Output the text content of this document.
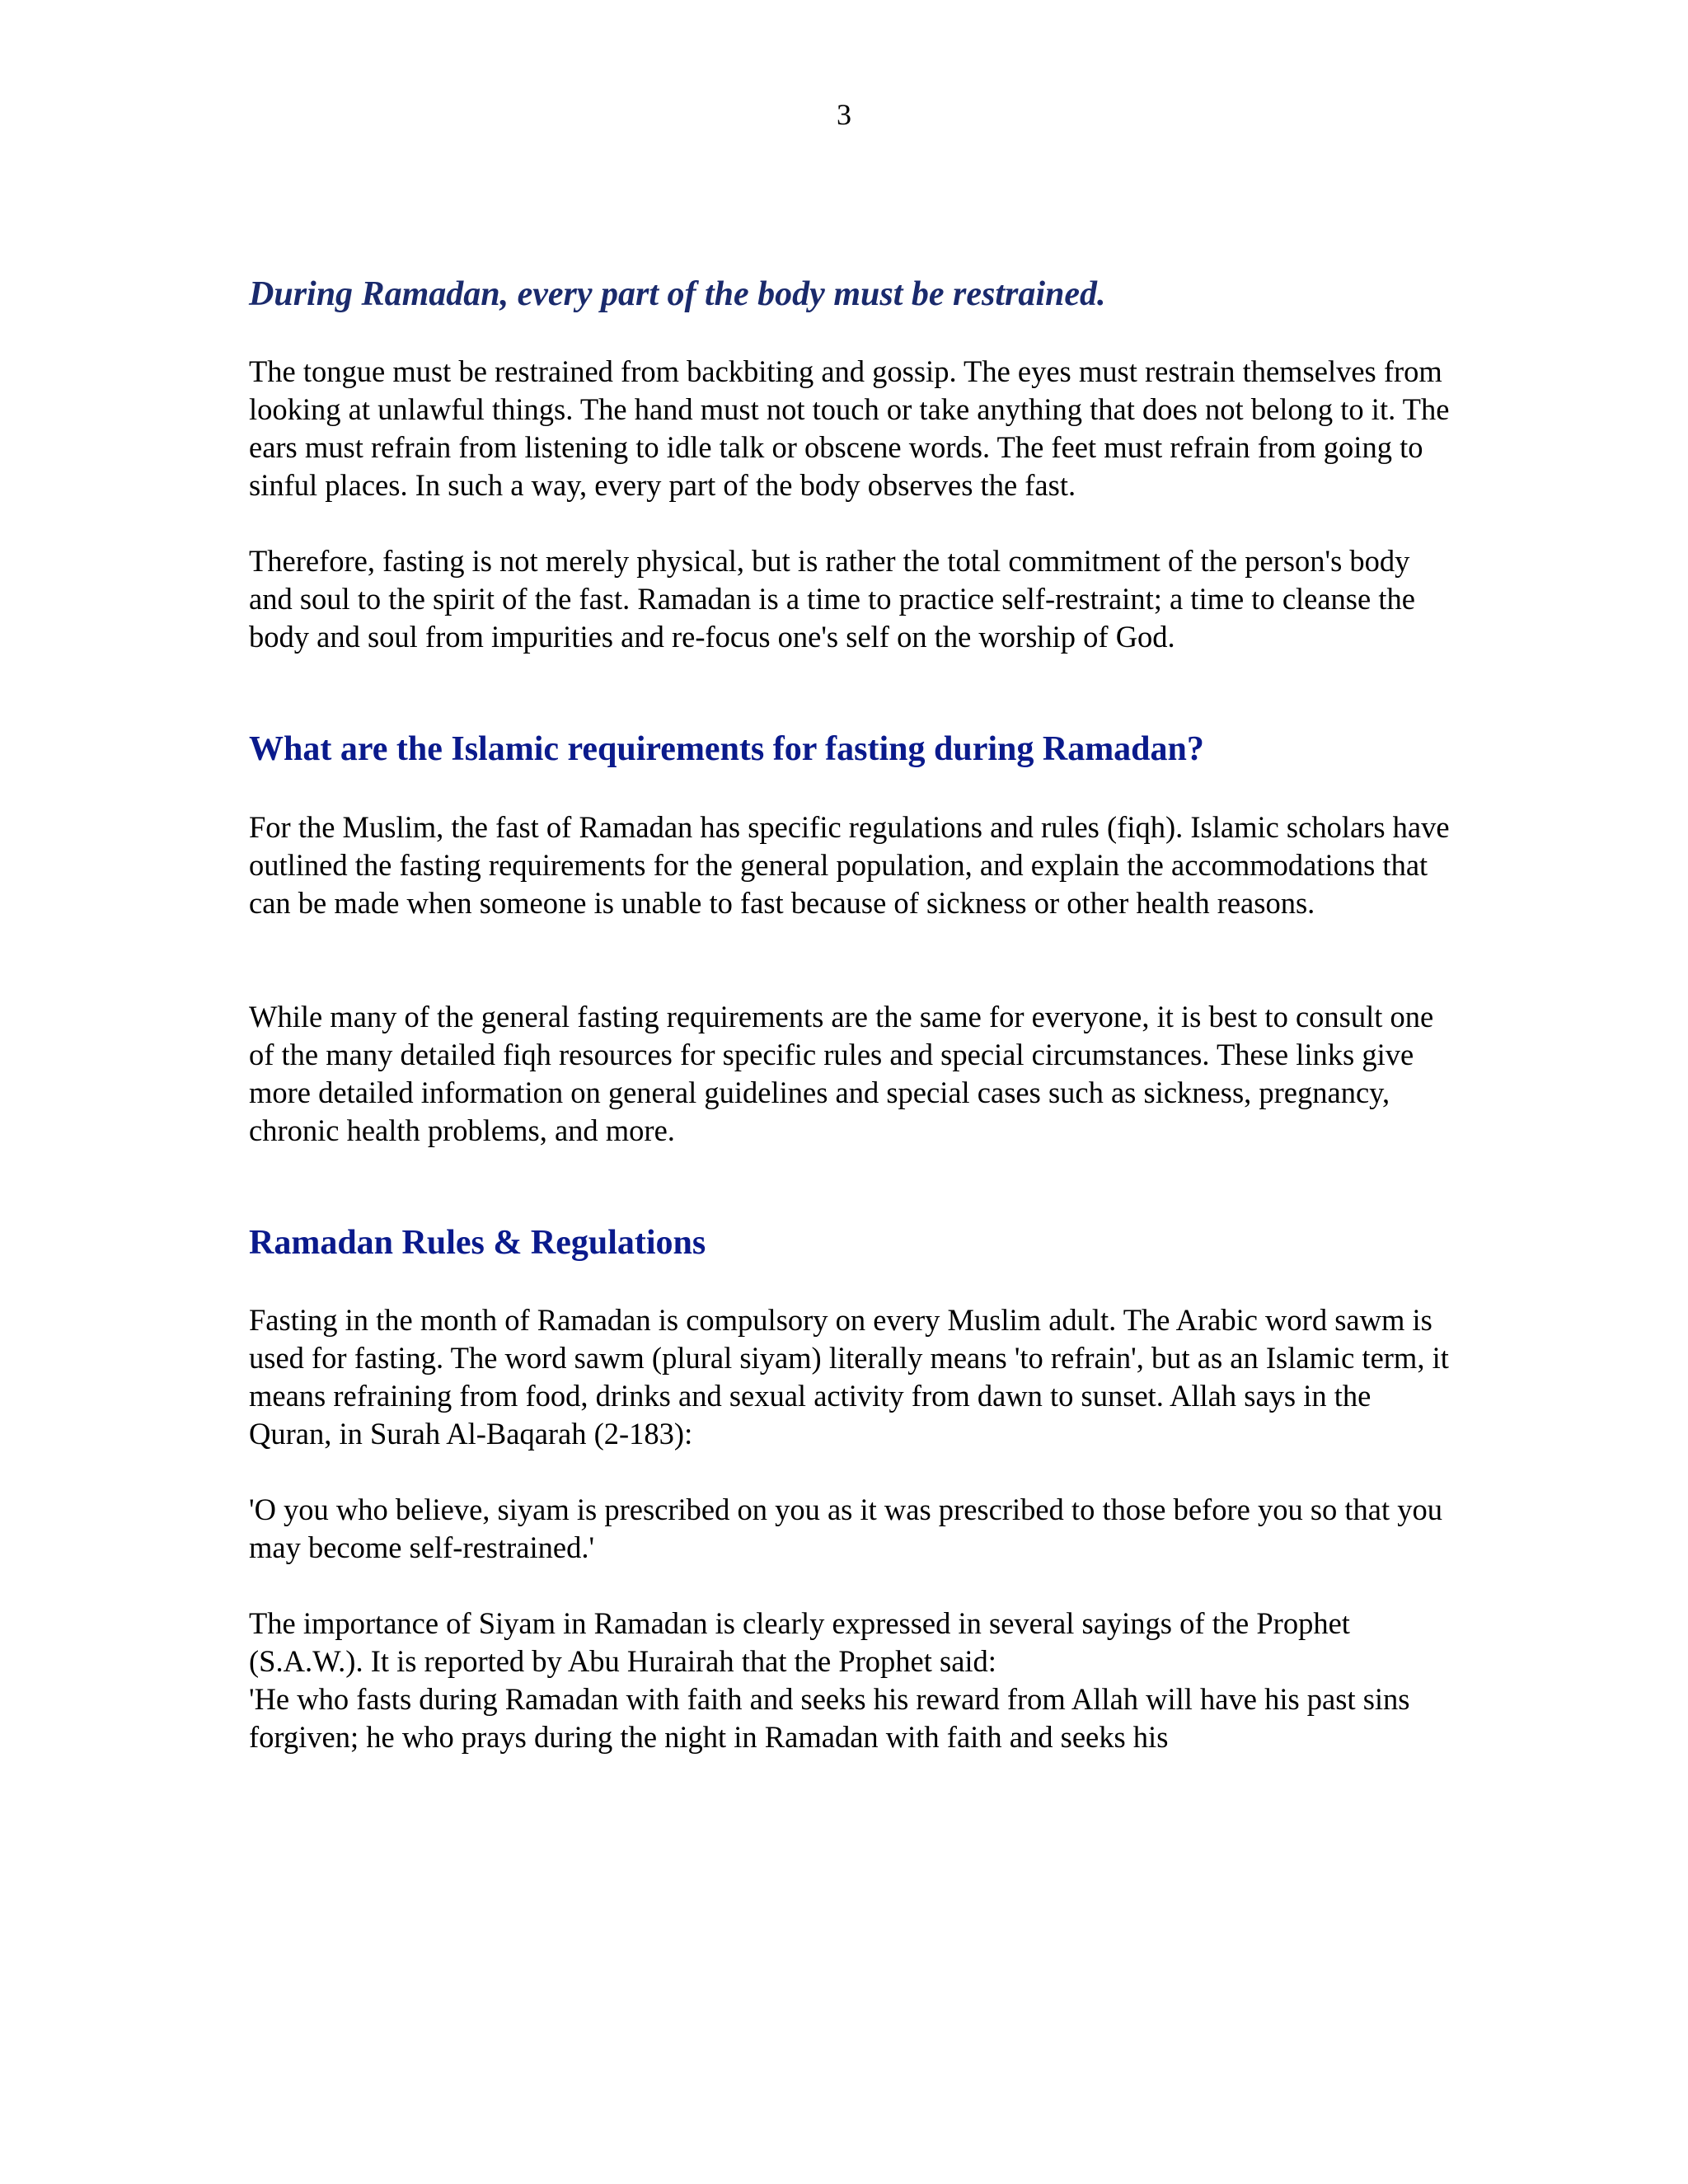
3
During Ramadan, every part of the body must be restrained.

The tongue must be restrained from backbiting and gossip. The eyes must restrain themselves from looking at unlawful things. The hand must not touch or take anything that does not belong to it. The ears must refrain from listening to idle talk or obscene words. The feet must refrain from going to sinful places. In such a way, every part of the body observes the fast.

Therefore, fasting is not merely physical, but is rather the total commitment of the person's body and soul to the spirit of the fast. Ramadan is a time to practice self-restraint; a time to cleanse the body and soul from impurities and re-focus one's self on the worship of God.

What are the Islamic requirements for fasting during Ramadan?

For the Muslim, the fast of Ramadan has specific regulations and rules (fiqh). Islamic scholars have outlined the fasting requirements for the general population, and explain the accommodations that can be made when someone is unable to fast because of sickness or other health reasons.

While many of the general fasting requirements are the same for everyone, it is best to consult one of the many detailed fiqh resources for specific rules and special circumstances. These links give more detailed information on general guidelines and special cases such as sickness, pregnancy, chronic health problems, and more.

Ramadan Rules & Regulations

Fasting in the month of Ramadan is compulsory on every Muslim adult. The Arabic word sawm is used for fasting. The word sawm (plural siyam) literally means 'to refrain', but as an Islamic term, it means refraining from food, drinks and sexual activity from dawn to sunset. Allah says in the Quran, in Surah Al-Baqarah (2-183):

'O you who believe, siyam is prescribed on you as it was prescribed to those before you so that you may become self-restrained.'

The importance of Siyam in Ramadan is clearly expressed in several sayings of the Prophet (S.A.W.). It is reported by Abu Hurairah that the Prophet said:

'He who fasts during Ramadan with faith and seeks his reward from Allah will have his past sins forgiven; he who prays during the night in Ramadan with faith and seeks his
